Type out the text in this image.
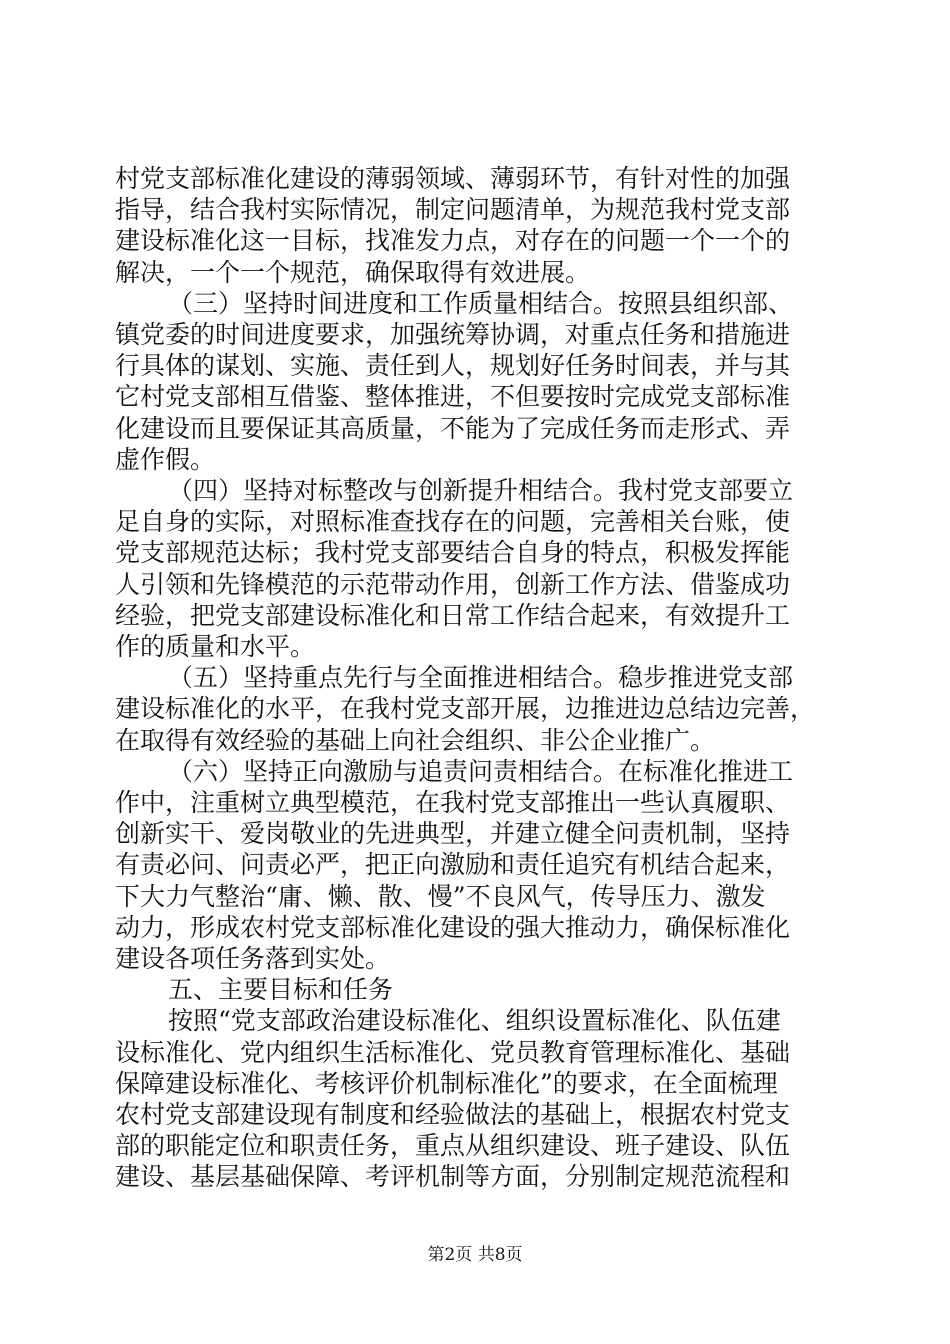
村党支部标准化建设的薄弱领域、薄弱环节，有针对性的加强
指导，结合我村实际情况，制定问题清单，为规范我村党支部
建设标准化这一目标，找准发力点，对存在的问题一个一个的
解决，一个一个规范，确保取得有效进展。
（三）坚持时间进度和工作质量相结合。按照县组织部、
镇党委的时间进度要求，加强统筹协调，对重点任务和措施进
行具体的谋划、实施、责任到人，规划好任务时间表，并与其
它村党支部相互借鉴、整体推进，不但要按时完成党支部标准
化建设而且要保证其高质量，不能为了完成任务而走形式、弄
虚作假。
（四）坚持对标整改与创新提升相结合。我村党支部要立
足自身的实际，对照标准查找存在的问题，完善相关台账，使
党支部规范达标；我村党支部要结合自身的特点，积极发挥能
人引领和先锋模范的示范带动作用，创新工作方法、借鉴成功
经验，把党支部建设标准化和日常工作结合起来，有效提升工
作的质量和水平。
（五）坚持重点先行与全面推进相结合。稳步推进党支部
建设标准化的水平，在我村党支部开展，边推进边总结边完善，
在取得有效经验的基础上向社会组织、非公企业推广。
（六）坚持正向激励与追责问责相结合。在标准化推进工
作中，注重树立典型模范，在我村党支部推出一些认真履职、
创新实干、爱岗敬业的先进典型，并建立健全问责机制，坚持
有责必问、问责必严，把正向激励和责任追究有机结合起来，
下大力气整治“庸、懒、散、慢”不良风气，传导压力、激发
动力，形成农村党支部标准化建设的强大推动力，确保标准化
建设各项任务落到实处。
五、主要目标和任务
按照“党支部政治建设标准化、组织设置标准化、队伍建
设标准化、党内组织生活标准化、党员教育管理标准化、基础
保障建设标准化、考核评价机制标准化”的要求，在全面梳理
农村党支部建设现有制度和经验做法的基础上，根据农村党支
部的职能定位和职责任务，重点从组织建设、班子建设、队伍
建设、基层基础保障、考评机制等方面，分别制定规范流程和
第2页 共8页
